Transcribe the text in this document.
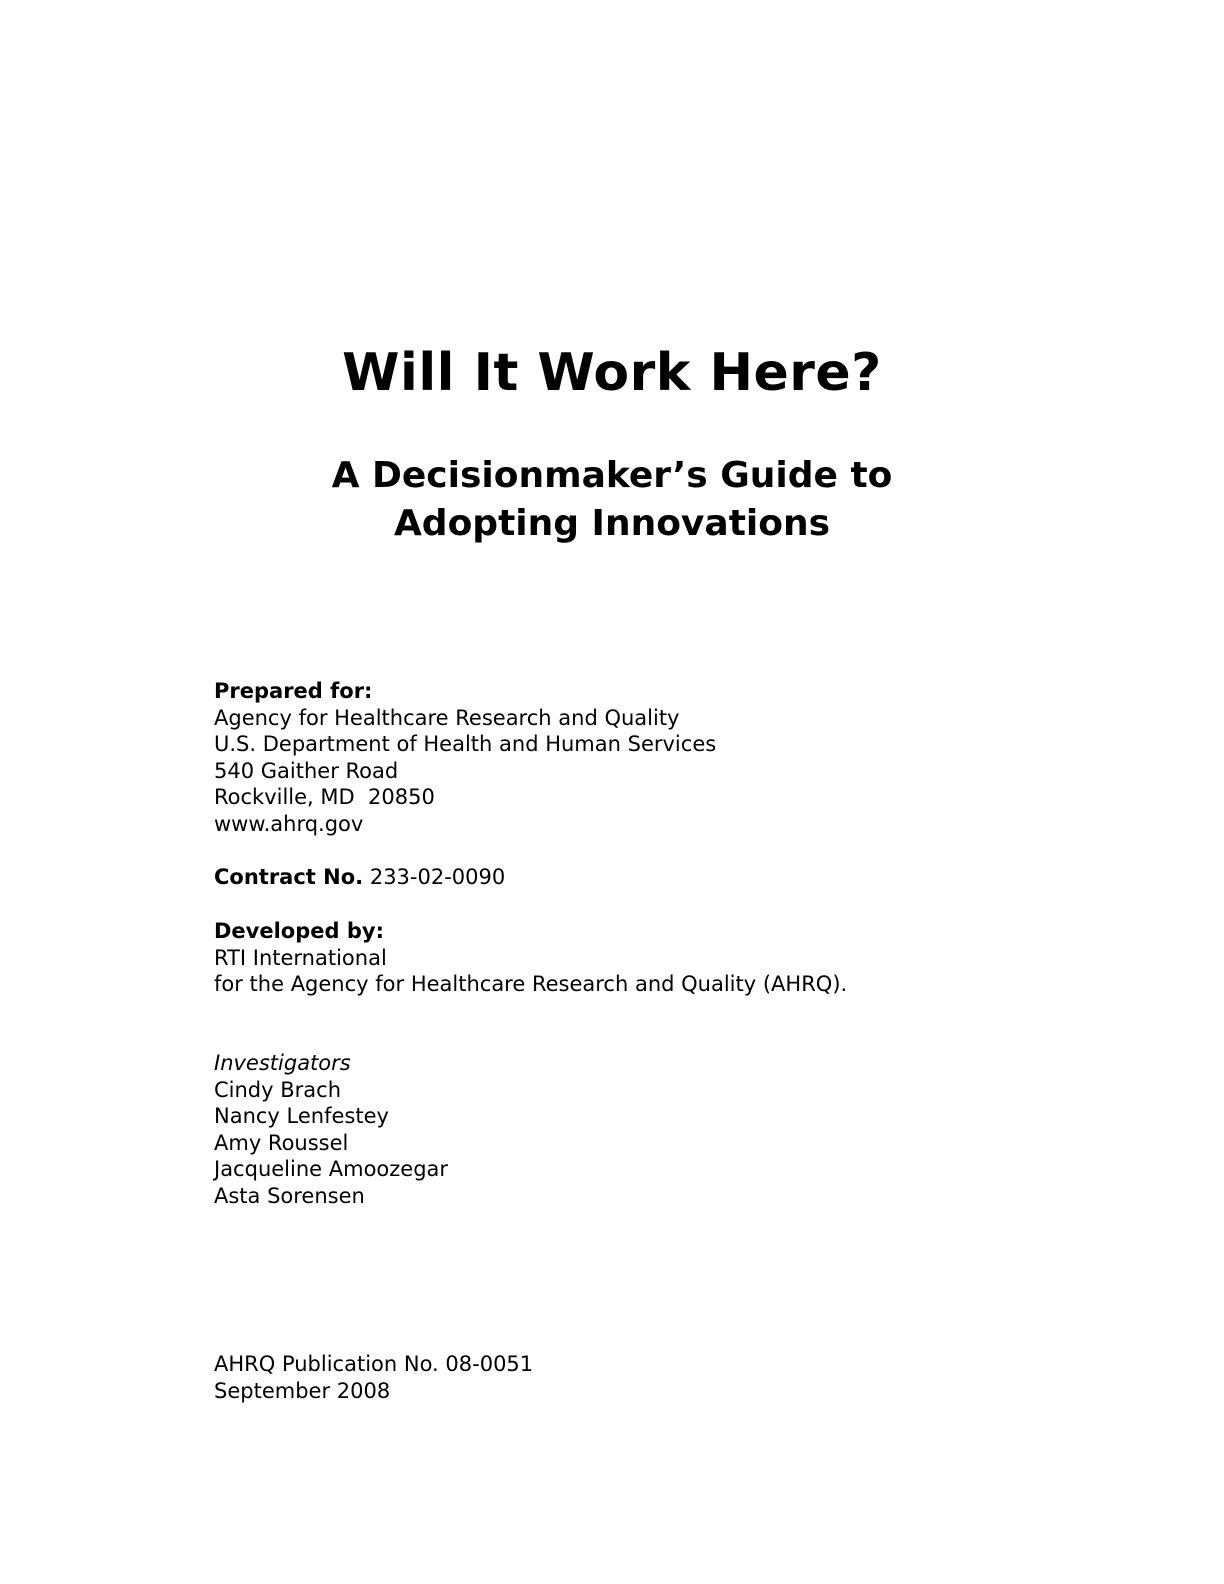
Will It Work Here?
A Decisionmaker’s Guide to
Adopting Innovations
Prepared for:
Agency for Healthcare Research and Quality
U.S. Department of Health and Human Services
540 Gaither Road
Rockville, MD  20850
www.ahrq.gov
Contract No. 233-02-0090
Developed by:
RTI International
for the Agency for Healthcare Research and Quality (AHRQ).
Investigators
Cindy Brach
Nancy Lenfestey
Amy Roussel
Jacqueline Amoozegar
Asta Sorensen
AHRQ Publication No. 08-0051
September 2008
